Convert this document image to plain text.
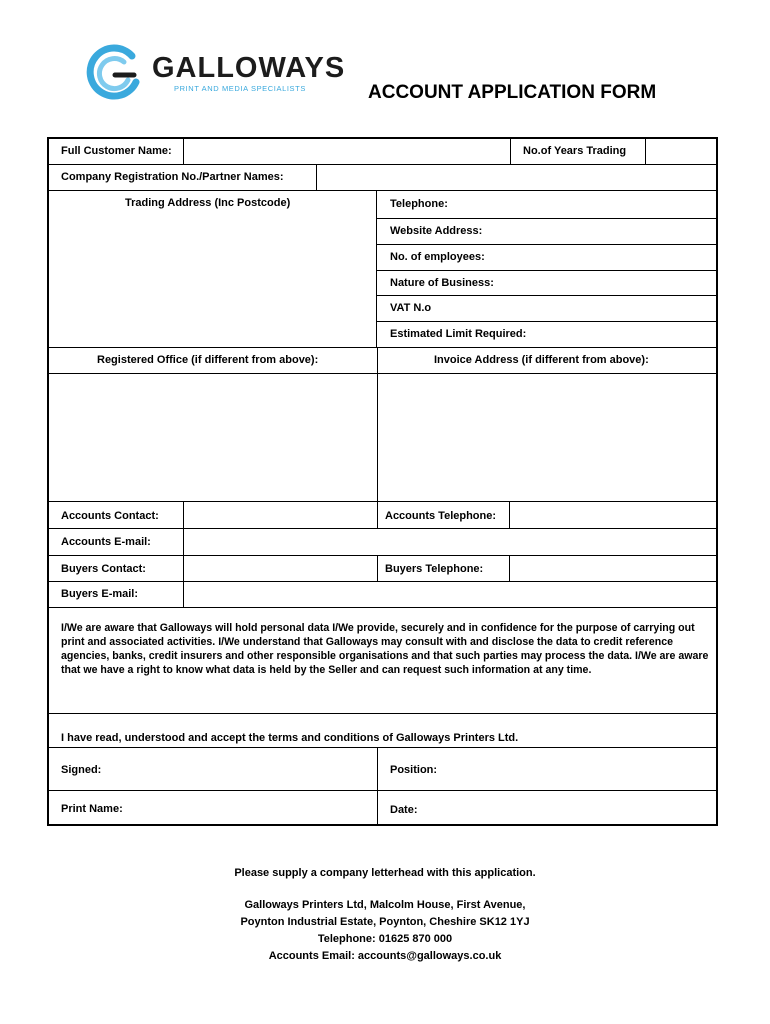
GALLOWAYS
PRINT AND MEDIA SPECIALISTS	ACCOUNT APPLICATION FORM
Full Customer Name:	No.of Years Trading
Company Registration No./Partner Names:
Trading Address (Inc Postcode)	Telephone:
Website Address:
No. of employees:
Nature of Business:
VAT N.o
Estimated Limit Required:
Registered Office (if different from above):	Invoice Address (if different from above):
Accounts Contact:	Accounts Telephone:
Accounts E-mail:
Buyers Contact:	Buyers Telephone:
Buyers E-mail:
I/We are aware that Galloways will hold personal data I/We provide, securely and in confidence for the purpose of carrying out print and associated activities. I/We understand that Galloways may consult with and disclose the data to credit reference agencies, banks, credit insurers and other responsible organisations and that such parties may process the data. I/We are aware that we have a right to know what data is held by the Seller and can request such information at any time.
I have read, understood and accept the terms and conditions of Galloways Printers Ltd.
Signed:	Position:
Print Name:	Date:
Please supply a company letterhead with this application.
Galloways Printers Ltd, Malcolm House, First Avenue,
Poynton Industrial Estate, Poynton, Cheshire SK12 1YJ
Telephone: 01625 870 000
Accounts Email: accounts@galloways.co.uk
